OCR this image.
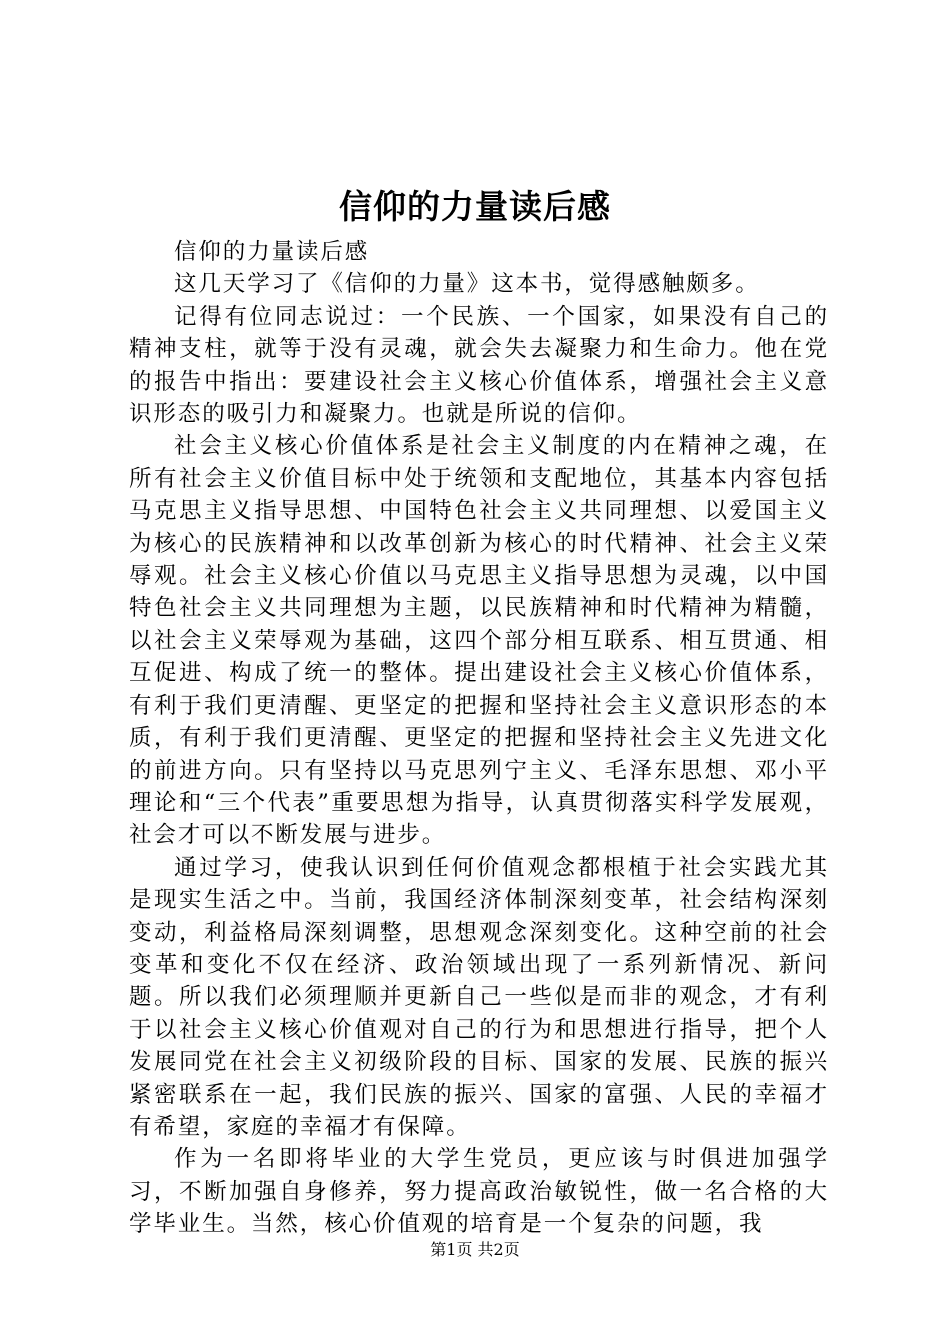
信仰的力量读后感

信仰的力量读后感

这几天学习了《信仰的力量》这本书，觉得感触颇多。

记得有位同志说过：一个民族、一个国家，如果没有自己的精神支柱，就等于没有灵魂，就会失去凝聚力和生命力。他在党的报告中指出：要建设社会主义核心价值体系，增强社会主义意识形态的吸引力和凝聚力。也就是所说的信仰。

社会主义核心价值体系是社会主义制度的内在精神之魂，在所有社会主义价值目标中处于统领和支配地位，其基本内容包括马克思主义指导思想、中国特色社会主义共同理想、以爱国主义为核心的民族精神和以改革创新为核心的时代精神、社会主义荣辱观。社会主义核心价值以马克思主义指导思想为灵魂，以中国特色社会主义共同理想为主题，以民族精神和时代精神为精髓，以社会主义荣辱观为基础，这四个部分相互联系、相互贯通、相互促进、构成了统一的整体。提出建设社会主义核心价值体系，有利于我们更清醒、更坚定的把握和坚持社会主义意识形态的本质，有利于我们更清醒、更坚定的把握和坚持社会主义先进文化的前进方向。只有坚持以马克思列宁主义、毛泽东思想、邓小平理论和“三个代表”重要思想为指导，认真贯彻落实科学发展观，社会才可以不断发展与进步。

通过学习，使我认识到任何价值观念都根植于社会实践尤其是现实生活之中。当前，我国经济体制深刻变革，社会结构深刻变动，利益格局深刻调整，思想观念深刻变化。这种空前的社会变革和变化不仅在经济、政治领域出现了一系列新情况、新问题。所以我们必须理顺并更新自己一些似是而非的观念，才有利于以社会主义核心价值观对自己的行为和思想进行指导，把个人发展同党在社会主义初级阶段的目标、国家的发展、民族的振兴紧密联系在一起，我们民族的振兴、国家的富强、人民的幸福才有希望，家庭的幸福才有保障。

作为一名即将毕业的大学生党员，更应该与时俱进加强学习，不断加强自身修养，努力提高政治敏锐性，做一名合格的大学毕业生。当然，核心价值观的培育是一个复杂的问题，我

第1页 共2页
